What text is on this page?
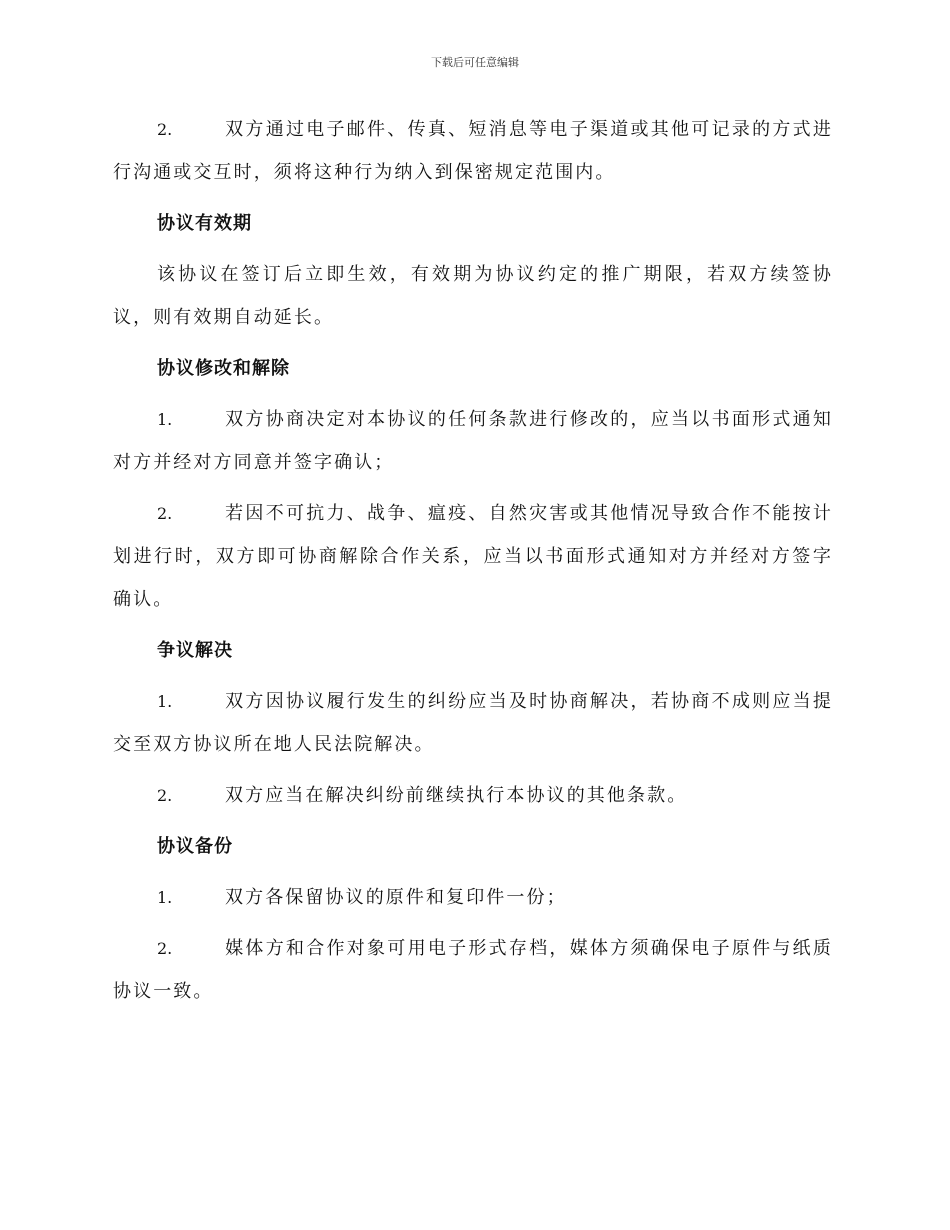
下载后可任意编辑

2.	双方通过电子邮件、传真、短消息等电子渠道或其他可记录的方式进行沟通或交互时，须将这种行为纳入到保密规定范围内。

协议有效期

该协议在签订后立即生效，有效期为协议约定的推广期限，若双方续签协议，则有效期自动延长。

协议修改和解除

1.	双方协商决定对本协议的任何条款进行修改的，应当以书面形式通知对方并经对方同意并签字确认；

2.	若因不可抗力、战争、瘟疫、自然灾害或其他情况导致合作不能按计划进行时，双方即可协商解除合作关系，应当以书面形式通知对方并经对方签字确认。

争议解决

1.	双方因协议履行发生的纠纷应当及时协商解决，若协商不成则应当提交至双方协议所在地人民法院解决。

2.	双方应当在解决纠纷前继续执行本协议的其他条款。

协议备份

1.	双方各保留协议的原件和复印件一份；

2.	媒体方和合作对象可用电子形式存档，媒体方须确保电子原件与纸质协议一致。
